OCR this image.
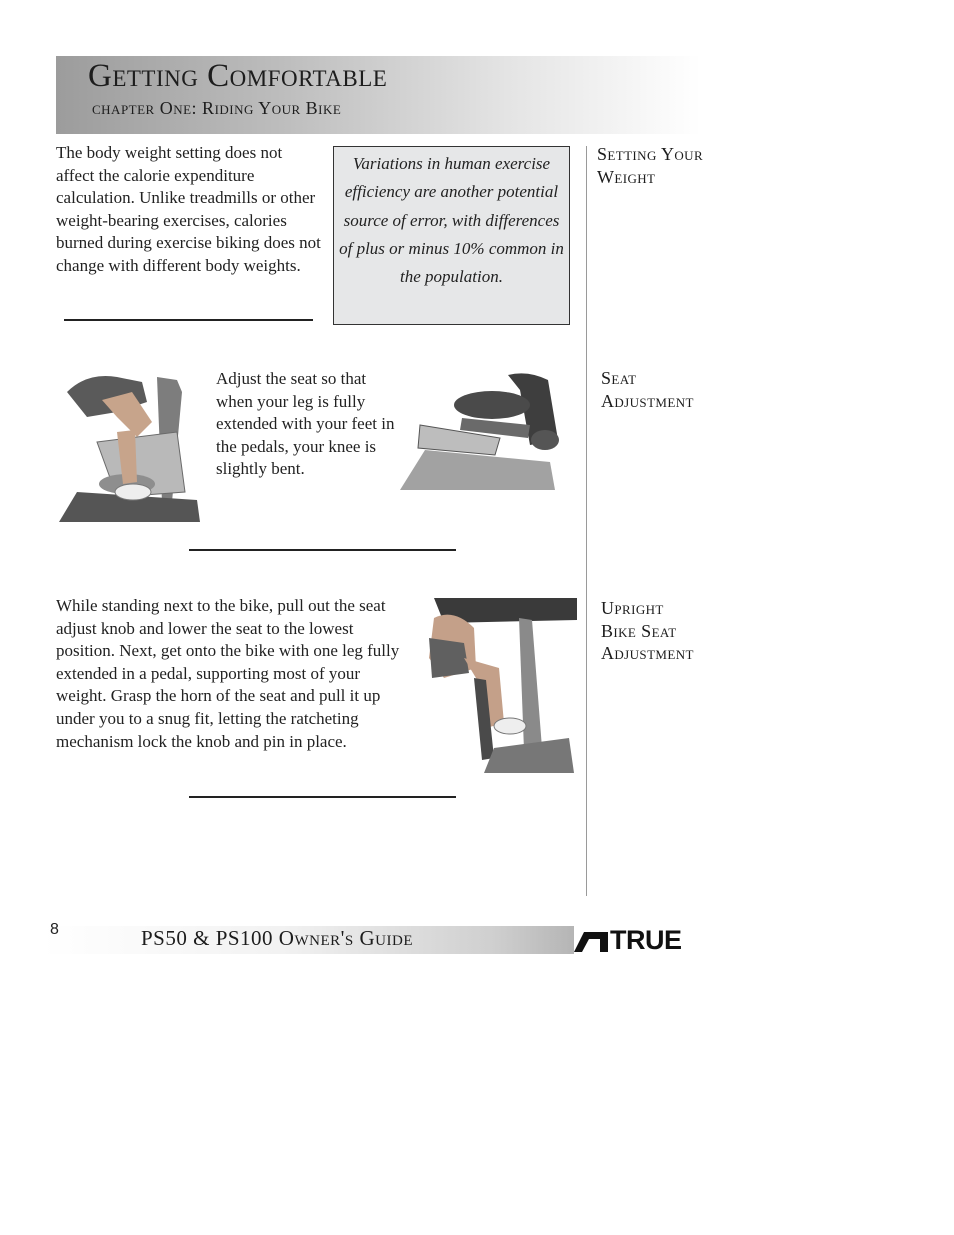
Getting Comfortable
chapter One: Riding Your Bike
The body weight setting does not affect the calorie expenditure calculation. Unlike treadmills or other weight-bearing exercises, calories burned during exercise biking does not change with different body weights.
Variations in human exercise efficiency are another potential source of error, with differences of plus or minus 10% common in the population.
Setting Your
Weight
Adjust the seat so that when your leg is fully extended with your feet in the pedals, your knee is slightly bent.
Seat
Adjustment
While standing next to the bike, pull out the seat adjust knob and lower the seat to the lowest position. Next, get onto the bike with one leg fully extended in a pedal, supporting most of your weight. Grasp the horn of the seat and pull it up under you to a snug fit, letting the ratcheting mechanism lock the knob and pin in place.
Upright
Bike Seat
Adjustment
8	PS50 & PS100 Owner's Guide	TRUE
